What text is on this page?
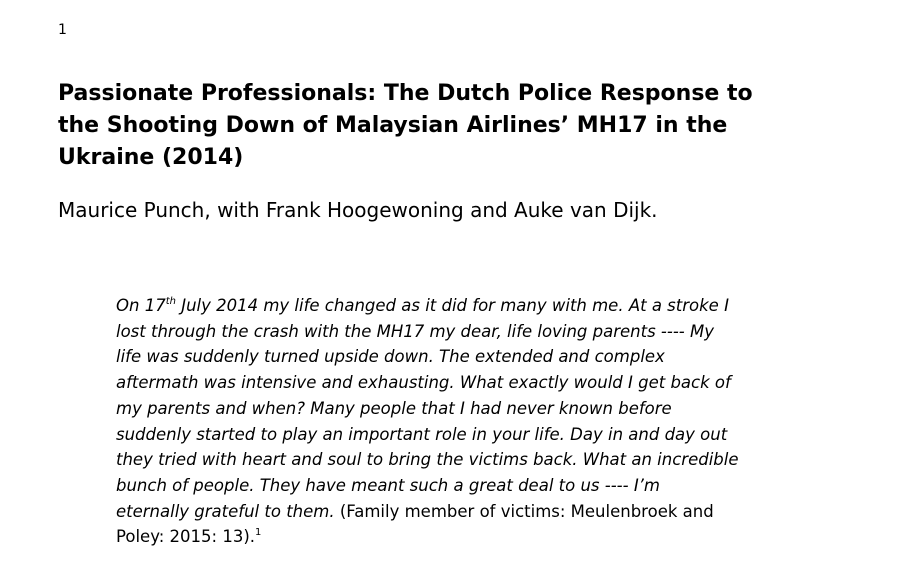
1
Passionate Professionals: The Dutch Police Response to
the Shooting Down of Malaysian Airlines’ MH17 in the
Ukraine (2014)
Maurice Punch, with Frank Hoogewoning and Auke van Dijk.
On 17th July 2014 my life changed as it did for many with me. At a stroke I
lost through the crash with the MH17 my dear, life loving parents ---- My
life was suddenly turned upside down. The extended and complex
aftermath was intensive and exhausting. What exactly would I get back of
my parents and when? Many people that I had never known before
suddenly started to play an important role in your life. Day in and day out
they tried with heart and soul to bring the victims back. What an incredible
bunch of people. They have meant such a great deal to us ---- I’m
eternally grateful to them. (Family member of victims: Meulenbroek and
Poley: 2015: 13).$^1$
